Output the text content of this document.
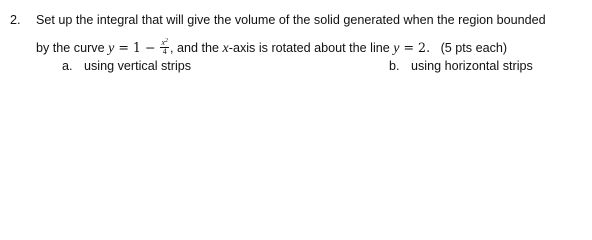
2. Set up the integral that will give the volume of the solid generated when the region bounded
by the curve $y = 1 - \frac{x^2}{4}$ , and the x-axis is rotated about the line y = 2. (5 pts each)
a. using vertical strips	b. using horizontal strips
